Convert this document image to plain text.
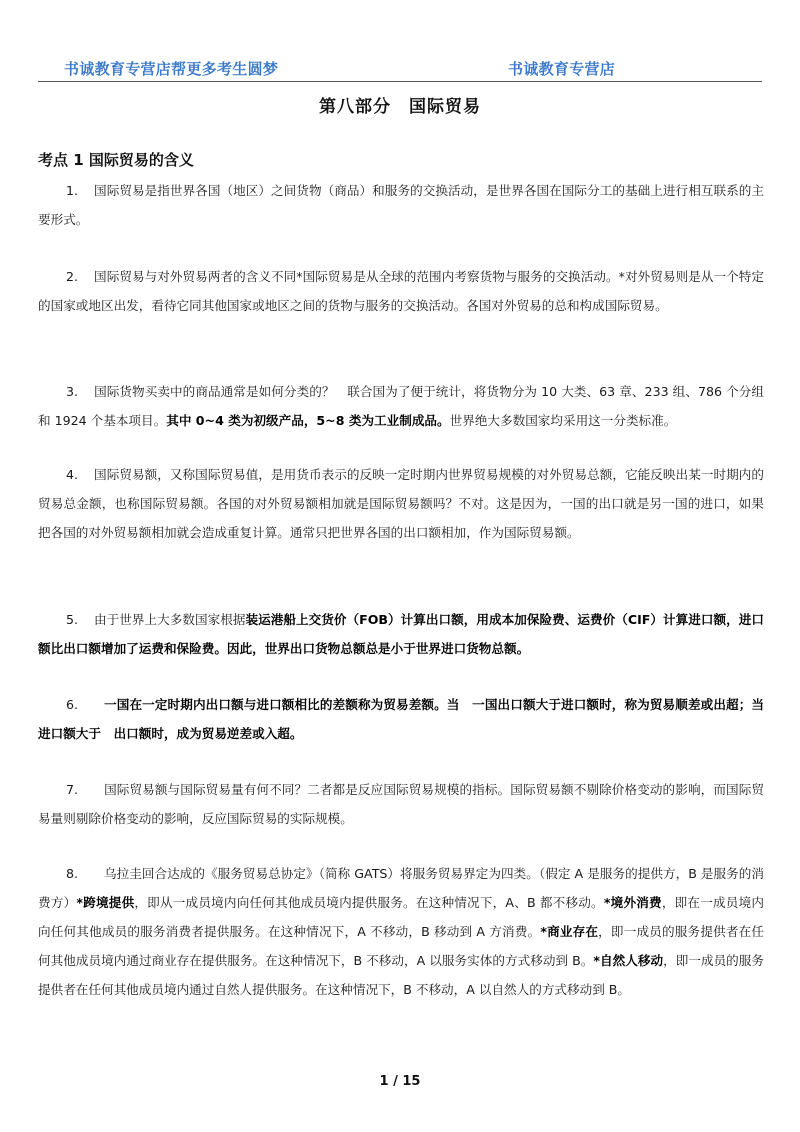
书诚教育专营店帮更多考生圆梦	书诚教育专营店
第八部分　国际贸易
考点 1 国际贸易的含义
1. 国际贸易是指世界各国（地区）之间货物（商品）和服务的交换活动，是世界各国在国际分工的基础上进行相互联系的主要形式。
2. 国际贸易与对外贸易两者的含义不同*国际贸易是从全球的范围内考察货物与服务的交换活动。*对外贸易则是从一个特定的国家或地区出发，看待它同其他国家或地区之间的货物与服务的交换活动。各国对外贸易的总和构成国际贸易。
3. 国际货物买卖中的商品通常是如何分类的？　联合国为了便于统计，将货物分为 10 大类、63 章、233 组、786 个分组和 1924 个基本项目。其中 0~4 类为初级产品，5~8 类为工业制成品。世界绝大多数国家均采用这一分类标准。
4. 国际贸易额，又称国际贸易值，是用货币表示的反映一定时期内世界贸易规模的对外贸易总额，它能反映出某一时期内的贸易总金额，也称国际贸易额。各国的对外贸易额相加就是国际贸易额吗？不对。这是因为，一国的出口就是另一国的进口，如果把各国的对外贸易额相加就会造成重复计算。通常只把世界各国的出口额相加，作为国际贸易额。
5. 由于世界上大多数国家根据装运港船上交货价（FOB）计算出口额，用成本加保险费、运费价（CIF）计算进口额，进口额比出口额增加了运费和保险费。因此，世界出口货物总额总是小于世界进口货物总额。
6. 一国在一定时期内出口额与进口额相比的差额称为贸易差额。当　一国出口额大于进口额时，称为贸易顺差或出超；当进口额大于　出口额时，成为贸易逆差或入超。
7. 国际贸易额与国际贸易量有何不同？二者都是反应国际贸易规模的指标。国际贸易额不剔除价格变动的影响，而国际贸易量则剔除价格变动的影响，反应国际贸易的实际规模。
8. 乌拉圭回合达成的《服务贸易总协定》（简称 GATS）将服务贸易界定为四类。（假定 A 是服务的提供方，B 是服务的消费方）*跨境提供，即从一成员境内向任何其他成员境内提供服务。在这种情况下，A、B 都不移动。*境外消费，即在一成员境内向任何其他成员的服务消费者提供服务。在这种情况下，A 不移动，B 移动到 A 方消费。*商业存在，即一成员的服务提供者在任何其他成员境内通过商业存在提供服务。在这种情况下，B 不移动，A 以服务实体的方式移动到 B。*自然人移动，即一成员的服务提供者在任何其他成员境内通过自然人提供服务。在这种情况下，B 不移动，A 以自然人的方式移动到 B。
1 / 15
